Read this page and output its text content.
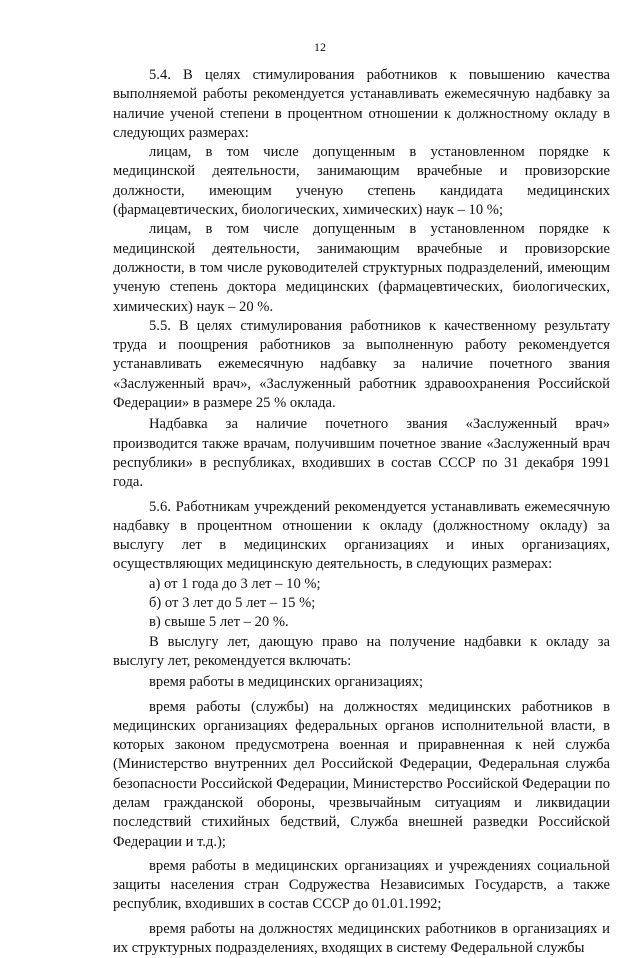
12

5.4. В целях стимулирования работников к повышению качества выполняемой работы рекомендуется устанавливать ежемесячную надбавку за наличие ученой степени в процентном отношении к должностному окладу в следующих размерах:

лицам, в том числе допущенным в установленном порядке к медицинской деятельности, занимающим врачебные и провизорские должности, имеющим ученую степень кандидата медицинских (фармацевтических, биологических, химических) наук – 10 %;

лицам, в том числе допущенным в установленном порядке к медицинской деятельности, занимающим врачебные и провизорские должности, в том числе руководителей структурных подразделений, имеющим ученую степень доктора медицинских (фармацевтических, биологических, химических) наук – 20 %.

5.5. В целях стимулирования работников к качественному результату труда и поощрения работников за выполненную работу рекомендуется устанавливать ежемесячную надбавку за наличие почетного звания «Заслуженный врач», «Заслуженный работник здравоохранения Российской Федерации» в размере 25 % оклада.

Надбавка за наличие почетного звания «Заслуженный врач» производится также врачам, получившим почетное звание «Заслуженный врач республики» в республиках, входивших в состав СССР по 31 декабря 1991 года.

5.6. Работникам учреждений рекомендуется устанавливать ежемесячную надбавку в процентном отношении к окладу (должностному окладу) за выслугу лет в медицинских организациях и иных организациях, осуществляющих медицинскую деятельность, в следующих размерах:

а) от 1 года до 3 лет – 10 %;

б) от 3 лет до 5 лет – 15 %;

в) свыше 5 лет – 20 %.

В выслугу лет, дающую право на получение надбавки к окладу за выслугу лет, рекомендуется включать:

время работы в медицинских организациях;

время работы (службы) на должностях медицинских работников в медицинских организациях федеральных органов исполнительной власти, в которых законом предусмотрена военная и приравненная к ней служба (Министерство внутренних дел Российской Федерации, Федеральная служба безопасности Российской Федерации, Министерство Российской Федерации по делам гражданской обороны, чрезвычайным ситуациям и ликвидации последствий стихийных бедствий, Служба внешней разведки Российской Федерации и т.д.);

время работы в медицинских организациях и учреждениях социальной защиты населения стран Содружества Независимых Государств, а также республик, входивших в состав СССР до 01.01.1992;

время работы на должностях медицинских работников в организациях и их структурных подразделениях, входящих в систему Федеральной службы
